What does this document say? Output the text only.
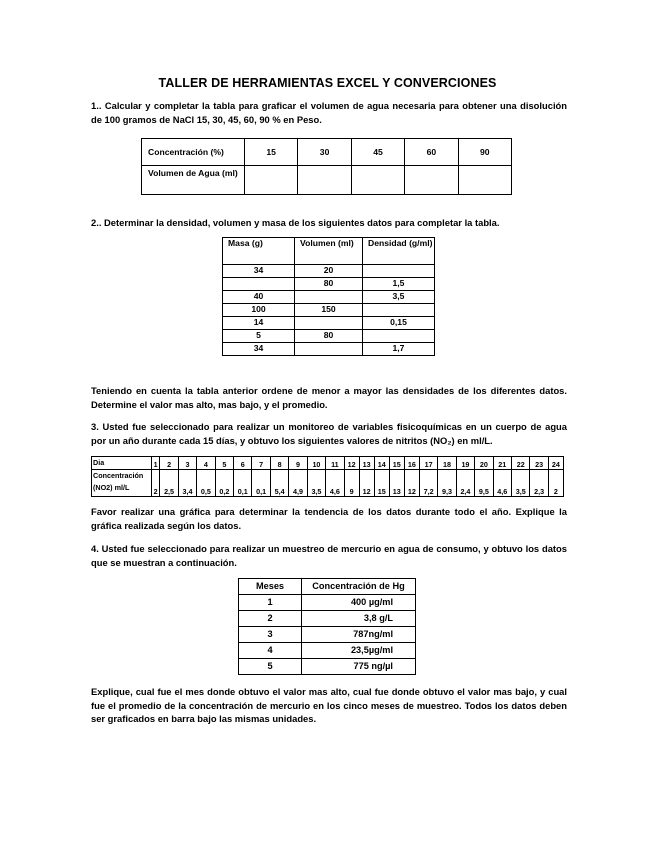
TALLER DE HERRAMIENTAS EXCEL Y CONVERCIONES
1.. Calcular y completar la tabla para graficar el volumen de agua necesaria para obtener una disolución de 100 gramos de NaCl 15, 30, 45, 60, 90 % en Peso.
Concentración (%)	15	30	45	60	90
Volumen de Agua (ml)					
2.. Determinar la densidad, volumen y masa de los siguientes datos para completar la tabla.
Masa (g)	Volumen (ml)	Densidad (g/ml)
34	20	
	80	1,5
40		3,5
100	150	
14		0,15
5	80	
34		1,7
Teniendo en cuenta la tabla anterior ordene de menor a mayor las densidades de los diferentes datos. Determine el valor mas alto, mas bajo, y el promedio.
3. Usted fue seleccionado para realizar un monitoreo de variables fisicoquímicas en un cuerpo de agua por un año durante cada 15 días, y obtuvo los siguientes valores de nitritos (NO₂) en ml/L.
Dia	1	2	3	4	5	6	7	8	9	10	11	12	13	14	15	16	17	18	19	20	21	22	23	24
Concentración (NO2) ml/L	2	2,5	3,4	0,5	0,2	0,1	0,1	5,4	4,9	3,5	4,6	9	12	15	13	12	7,2	9,3	2,4	9,5	4,6	3,5	2,3	2
Favor realizar una gráfica para determinar la tendencia de los datos durante todo el año. Explique la gráfica realizada según los datos.
4. Usted fue seleccionado para realizar un muestreo de mercurio en agua de consumo, y obtuvo los datos que se muestran a continuación.
Meses	Concentración de Hg
1	400 µg/ml
2	3,8 g/L
3	787ng/ml
4	23,5µg/ml
5	775 ng/µl
Explique, cual fue el mes donde obtuvo el valor mas alto, cual fue donde obtuvo el valor mas bajo, y cual fue el promedio de la concentración de mercurio en los cinco meses de muestreo. Todos los datos deben ser graficados en barra bajo las mismas unidades.
